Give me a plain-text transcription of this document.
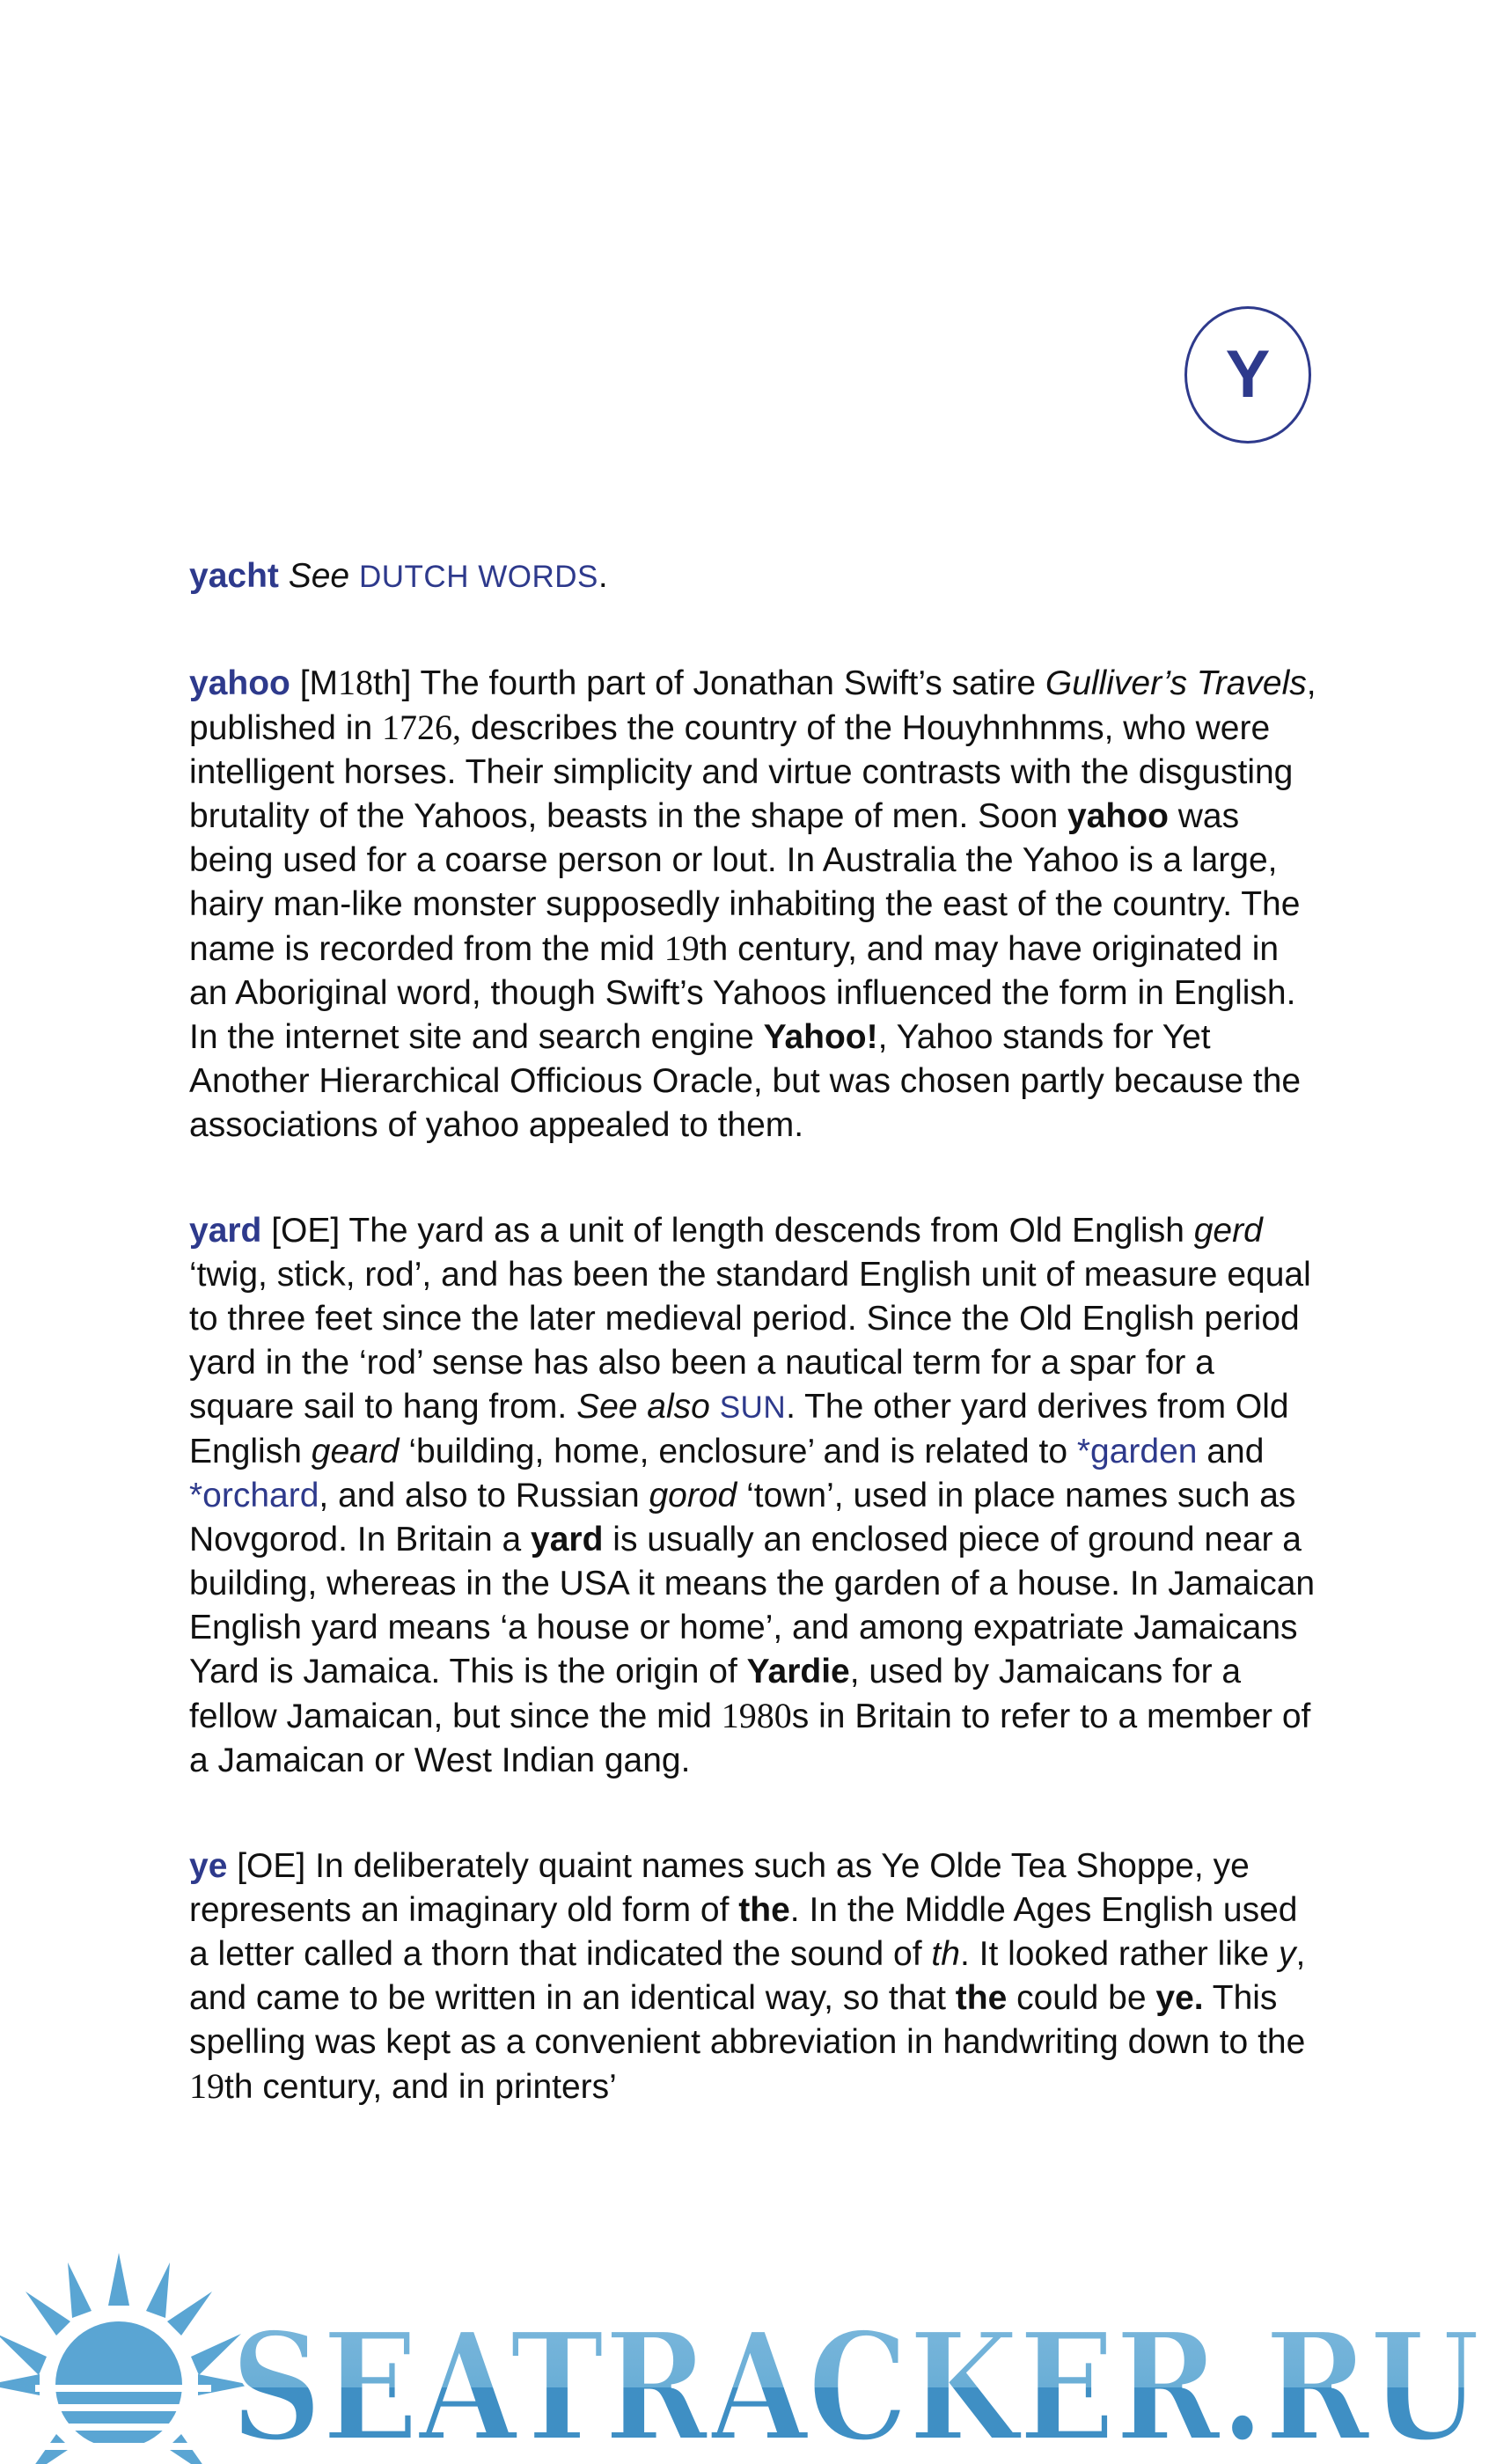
Y

yacht See DUTCH WORDS.

yahoo [M18th] The fourth part of Jonathan Swift’s satire Gulliver’s Travels, published in 1726, describes the country of the Houyhnhnms, who were intelligent horses. Their simplicity and virtue contrasts with the disgusting brutality of the Yahoos, beasts in the shape of men. Soon yahoo was being used for a coarse person or lout. In Australia the Yahoo is a large, hairy man-like monster supposedly inhabiting the east of the country. The name is recorded from the mid 19th century, and may have originated in an Aboriginal word, though Swift’s Yahoos influenced the form in English. In the internet site and search engine Yahoo!, Yahoo stands for Yet Another Hierarchical Officious Oracle, but was chosen partly because the associations of yahoo appealed to them.

yard [OE] The yard as a unit of length descends from Old English gerd ‘twig, stick, rod’, and has been the standard English unit of measure equal to three feet since the later medieval period. Since the Old English period yard in the ‘rod’ sense has also been a nautical term for a spar for a square sail to hang from. See also SUN. The other yard derives from Old English geard ‘building, home, enclosure’ and is related to *garden and *orchard, and also to Russian gorod ‘town’, used in place names such as Novgorod. In Britain a yard is usually an enclosed piece of ground near a building, whereas in the USA it means the garden of a house. In Jamaican English yard means ‘a house or home’, and among expatriate Jamaicans Yard is Jamaica. This is the origin of Yardie, used by Jamaicans for a fellow Jamaican, but since the mid 1980s in Britain to refer to a member of a Jamaican or West Indian gang.

ye [OE] In deliberately quaint names such as Ye Olde Tea Shoppe, ye represents an imaginary old form of the. In the Middle Ages English used a letter called a thorn that indicated the sound of th. It looked rather like y, and came to be written in an identical way, so that the could be ye. This spelling was kept as a convenient abbreviation in handwriting down to the 19th century, and in printers’

SEATRACKER.RU
